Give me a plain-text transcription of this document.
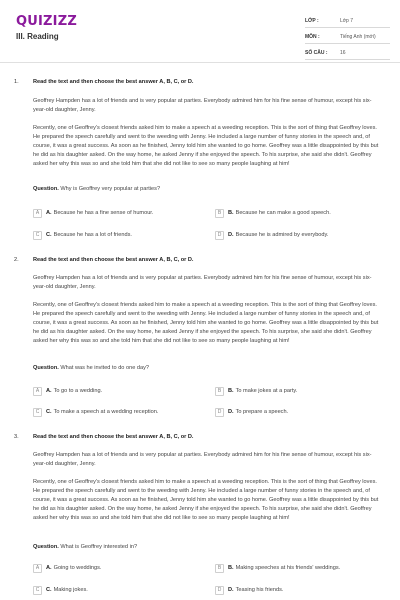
QUIZIZZ
III. Reading
LỚP :	Lớp 7
MÔN :	Tiếng Anh (mới)
SỐ CÂU :	16
1.	Read the text and then choose the best answer A, B, C, or D.
Geoffrey Hampden has a lot of friends and is very popular at parties. Everybody admired him for his fine sense of humour, except his six-year-old daughter, Jenny.
Recently, one of Geoffrey's closest friends asked him to make a speech at a weeding reception. This is the sort of thing that Geoffrey loves. He prepared the speech carefully and went to the weeding with Jenny. He included a large number of funny stories in the speech and, of course, it was a great success. As soon as he finished, Jenny told him she wanted to go home. Geoffrey was a little disappointed by this but he did as his daughter asked. On the way home, he asked Jenny if she enjoyed the speech. To his surprise, she said she didn't. Geoffrey asked her why this was so and she told him that she did not like to see so many people laughing at him!
Question. Why is Geoffrey very popular at parties?
A	A. Because he has a fine sense of humour.	B	B. Because he can make a good speech.
C	C. Because he has a lot of friends.	D	D. Because he is admired by everybody.
2.	Read the text and then choose the best answer A, B, C, or D.
Geoffrey Hampden has a lot of friends and is very popular at parties. Everybody admired him for his fine sense of humour, except his six-year-old daughter, Jenny.
Recently, one of Geoffrey's closest friends asked him to make a speech at a weeding reception. This is the sort of thing that Geoffrey loves. He prepared the speech carefully and went to the weeding with Jenny. He included a large number of funny stories in the speech and, of course, it was a great success. As soon as he finished, Jenny told him she wanted to go home. Geoffrey was a little disappointed by this but he did as his daughter asked. On the way home, he asked Jenny if she enjoyed the speech. To his surprise, she said she didn't. Geoffrey asked her why this was so and she told him that she did not like to see so many people laughing at him!
Question. What was he invited to do one day?
A	A. To go to a wedding.	B	B. To make jokes at a party.
C	C. To make a speech at a wedding reception.	D	D. To prepare a speech.
3.	Read the text and then choose the best answer A, B, C, or D.
Geoffrey Hampden has a lot of friends and is very popular at parties. Everybody admired him for his fine sense of humour, except his six-year-old daughter, Jenny.
Recently, one of Geoffrey's closest friends asked him to make a speech at a weeding reception. This is the sort of thing that Geoffrey loves. He prepared the speech carefully and went to the weeding with Jenny. He included a large number of funny stories in the speech and, of course, it was a great success. As soon as he finished, Jenny told him she wanted to go home. Geoffrey was a little disappointed by this but he did as his daughter asked. On the way home, he asked Jenny if she enjoyed the speech. To his surprise, she said she didn't. Geoffrey asked her why this was so and she told him that she did not like to see so many people laughing at him!
Question. What is Geoffrey interested in?
A	A. Going to weddings.	B	B. Making speeches at his friends' weddings.
C	C. Making jokes.	D	D. Teasing his friends.
